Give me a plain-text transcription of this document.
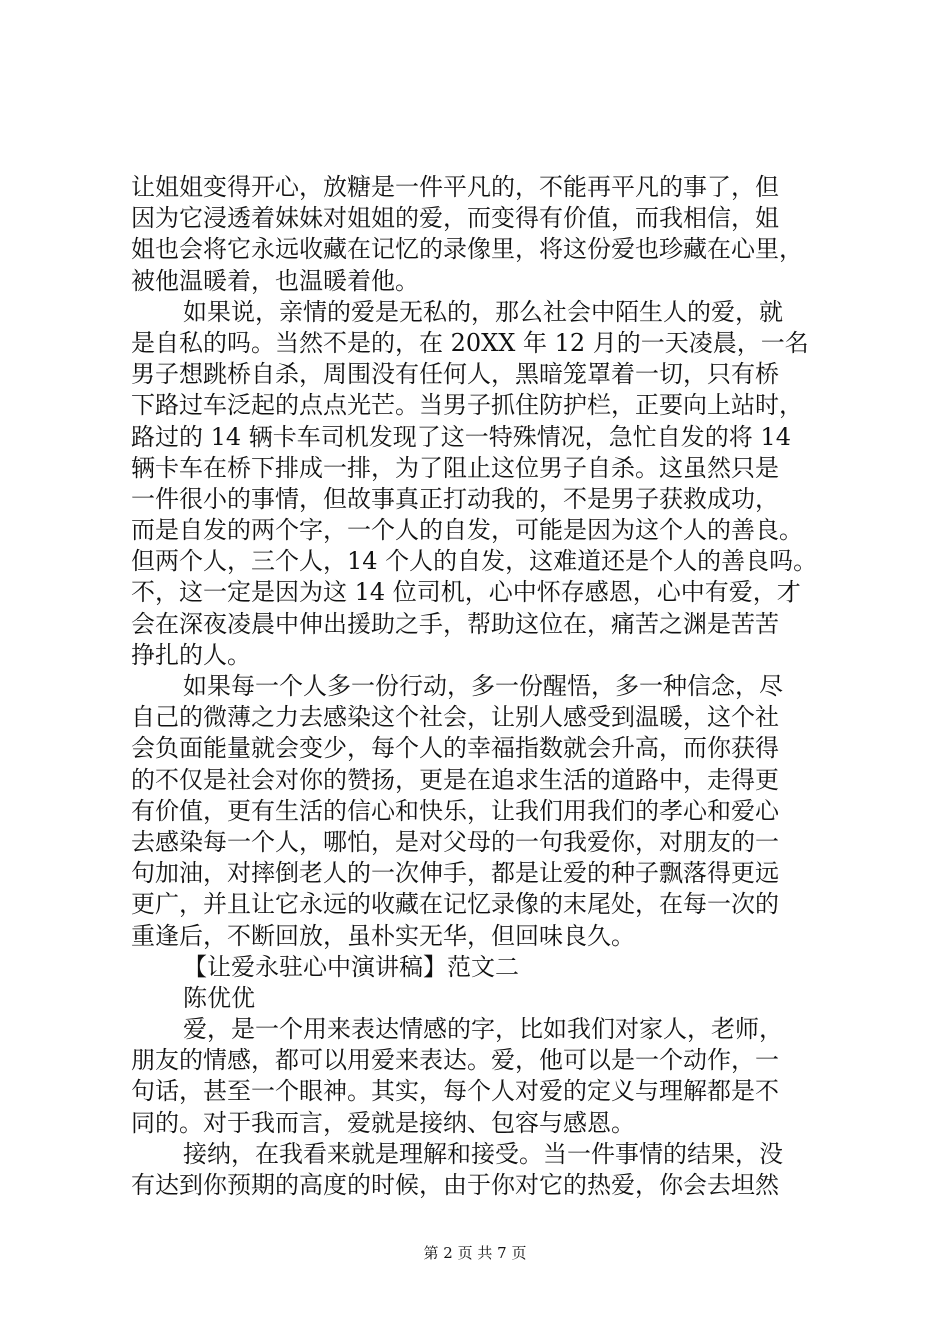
让姐姐变得开心，放糖是一件平凡的，不能再平凡的事了，但
因为它浸透着妹妹对姐姐的爱，而变得有价值，而我相信，姐
姐也会将它永远收藏在记忆的录像里，将这份爱也珍藏在心里，
被他温暖着，也温暖着他。
如果说，亲情的爱是无私的，那么社会中陌生人的爱，就
是自私的吗。当然不是的，在 20XX 年 12 月的一天凌晨，一名
男子想跳桥自杀，周围没有任何人，黑暗笼罩着一切，只有桥
下路过车泛起的点点光芒。当男子抓住防护栏，正要向上站时，
路过的 14 辆卡车司机发现了这一特殊情况，急忙自发的将 14
辆卡车在桥下排成一排，为了阻止这位男子自杀。这虽然只是
一件很小的事情，但故事真正打动我的，不是男子获救成功，
而是自发的两个字，一个人的自发，可能是因为这个人的善良。
但两个人，三个人，14 个人的自发，这难道还是个人的善良吗。
不，这一定是因为这 14 位司机，心中怀存感恩，心中有爱，才
会在深夜凌晨中伸出援助之手，帮助这位在，痛苦之渊是苦苦
挣扎的人。
如果每一个人多一份行动，多一份醒悟，多一种信念，尽
自己的微薄之力去感染这个社会，让别人感受到温暖，这个社
会负面能量就会变少，每个人的幸福指数就会升高，而你获得
的不仅是社会对你的赞扬，更是在追求生活的道路中，走得更
有价值，更有生活的信心和快乐，让我们用我们的孝心和爱心
去感染每一个人，哪怕，是对父母的一句我爱你，对朋友的一
句加油，对摔倒老人的一次伸手，都是让爱的种子飘落得更远
更广，并且让它永远的收藏在记忆录像的末尾处，在每一次的
重逢后，不断回放，虽朴实无华，但回味良久。
【让爱永驻心中演讲稿】范文二
陈优优
爱，是一个用来表达情感的字，比如我们对家人，老师，
朋友的情感，都可以用爱来表达。爱，他可以是一个动作，一
句话，甚至一个眼神。其实，每个人对爱的定义与理解都是不
同的。对于我而言，爱就是接纳、包容与感恩。
接纳，在我看来就是理解和接受。当一件事情的结果，没
有达到你预期的高度的时候，由于你对它的热爱，你会去坦然
第 2 页 共 7 页
